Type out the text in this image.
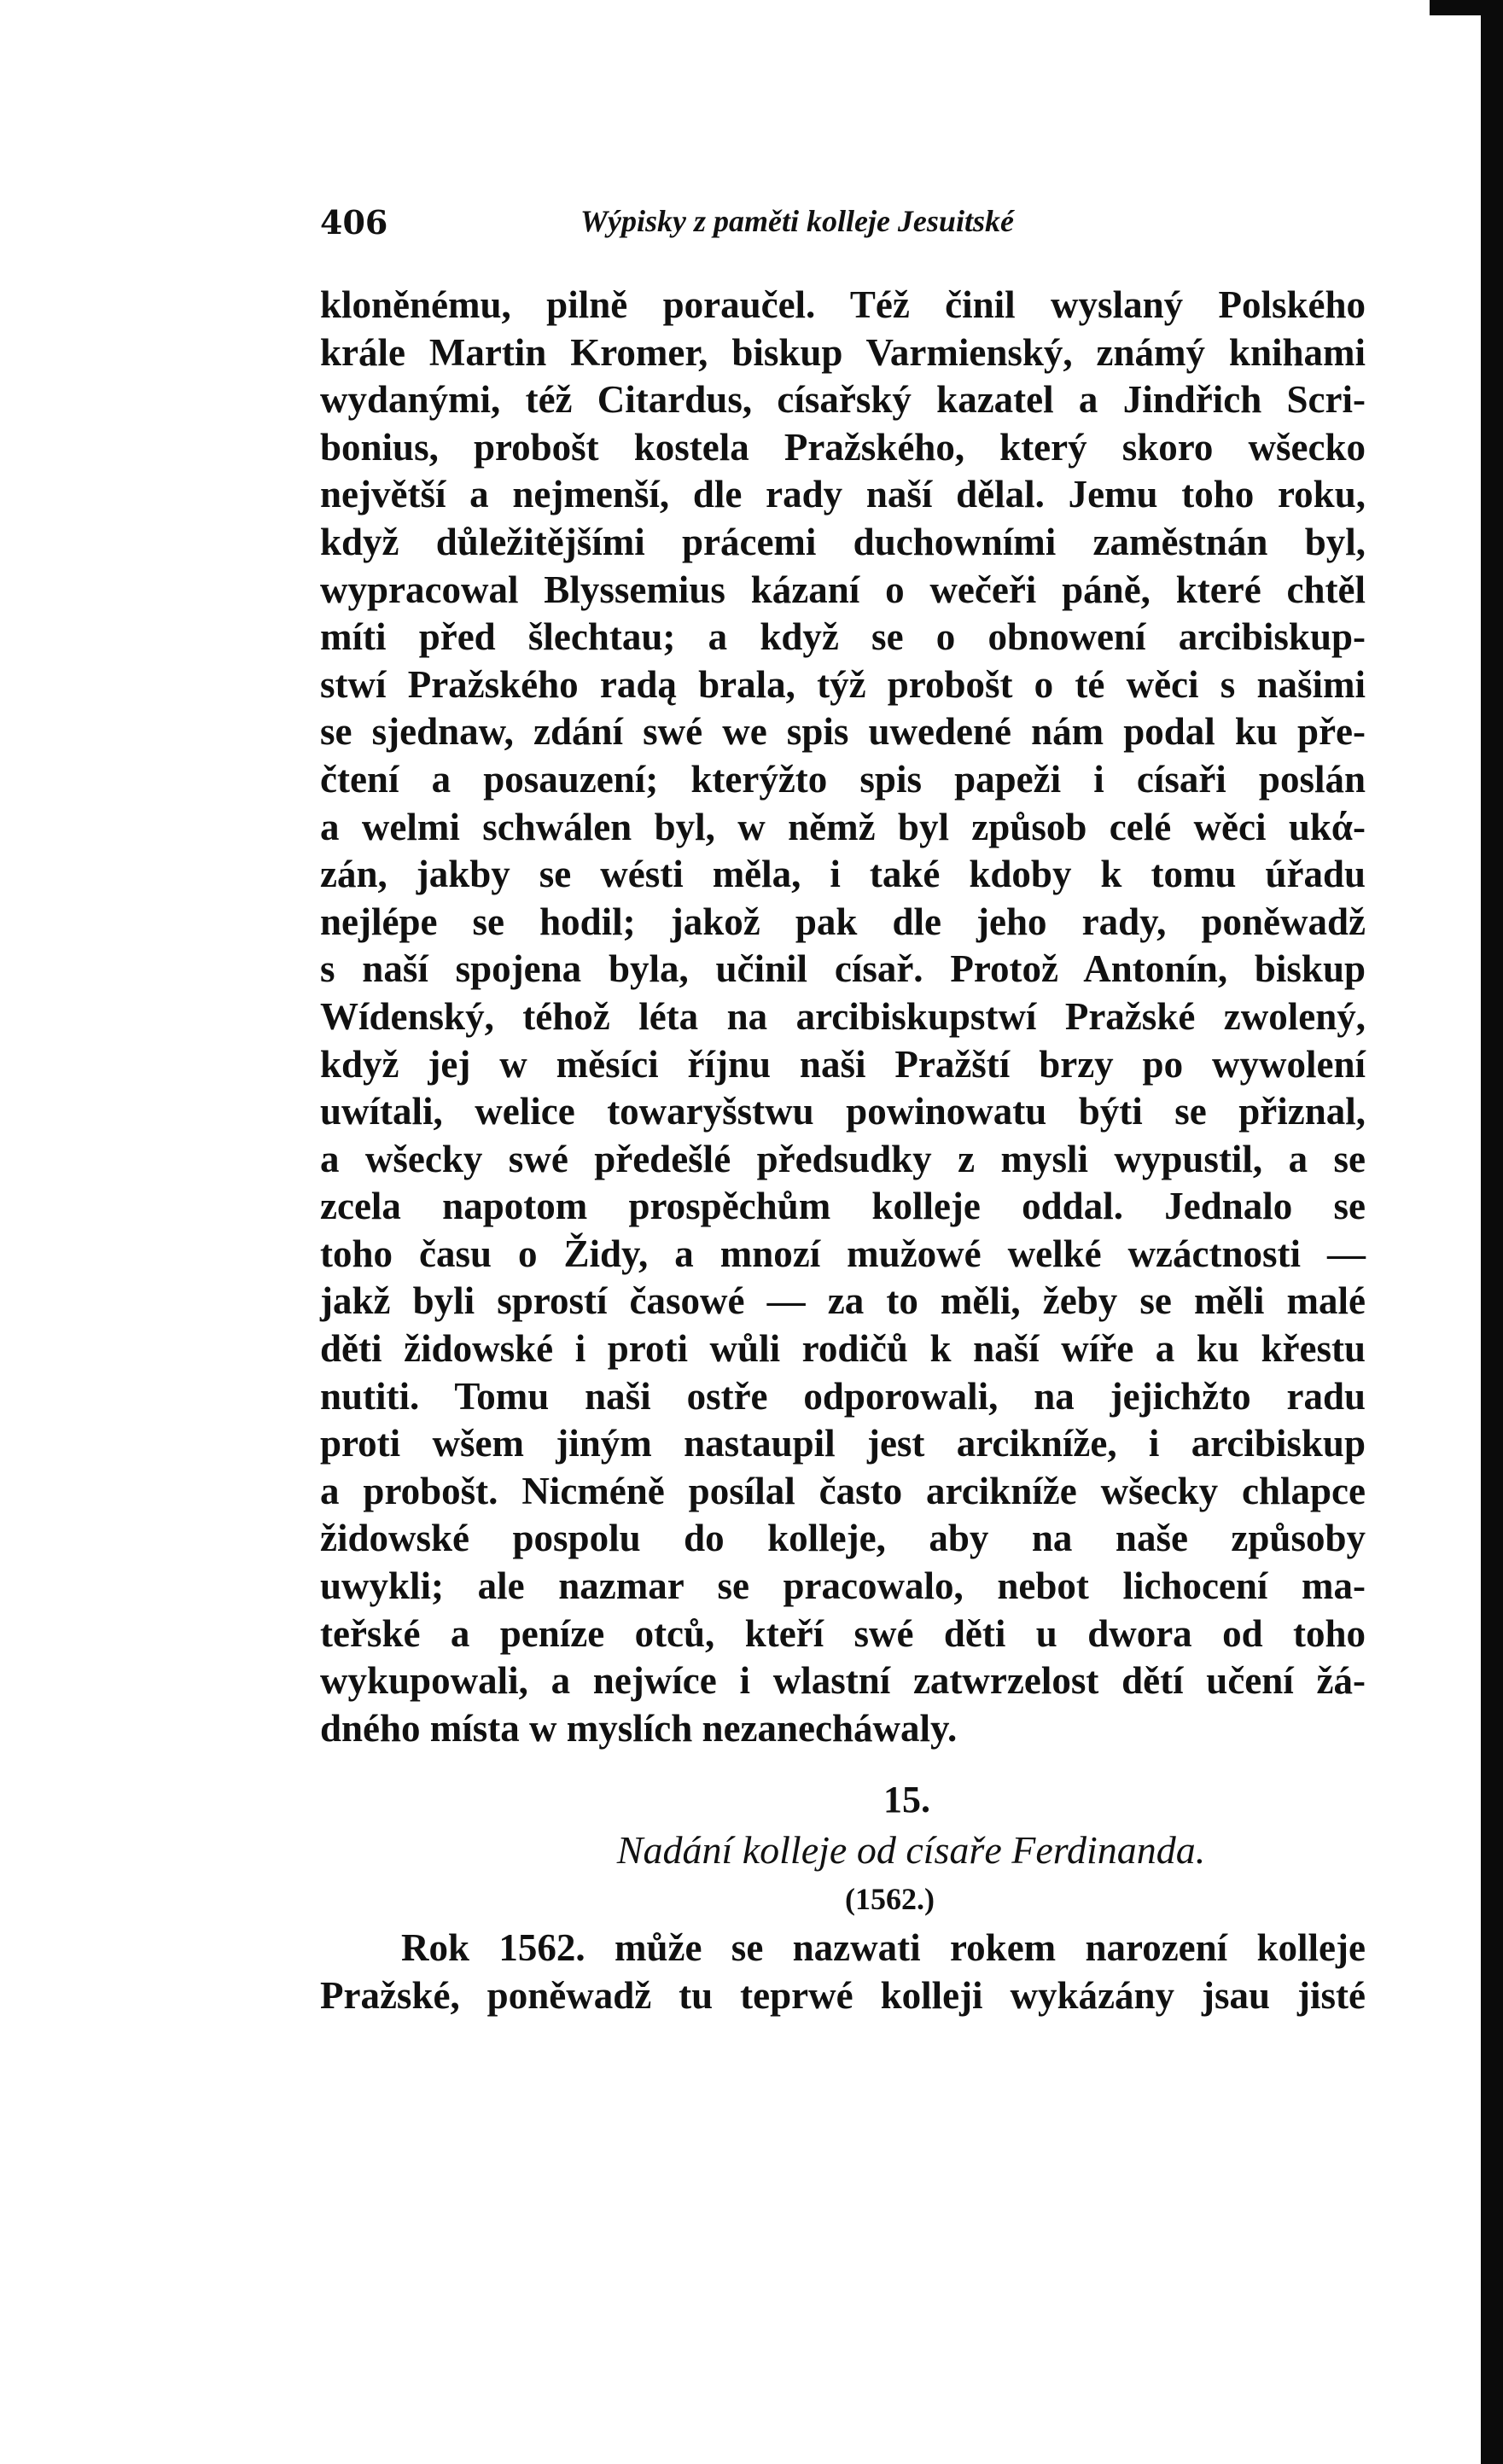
406	Wýpisky z paměti kolleje Jesuitské
kloněnému, pilně poraučel. Též činil wyslaný Polského
krále Martin Kromer, biskup Varmienský, známý knihami
wydanými, též Citardus, císařský kazatel a Jindřich Scri-
bonius, probošt kostela Pražského, který skoro wšecko
největší a nejmenší, dle rady naší dělal. Jemu toho roku,
když důležitějšími prácemi duchowními zaměstnán byl,
wypracowal Blyssemius kázaní o wečeři páně, které chtěl
míti před šlechtau; a když se o obnowení arcibiskup-
stwí Pražského radą brala, týž probošt o té wěci s našimi
se sjednaw, zdání swé we spis uwedené nám podal ku pře-
čtení a posauzení; kterýžto spis papeži i císaři poslán
a welmi schwálen byl, w němž byl způsob celé wěci ukά-
zán, jakby se wésti měla, i také kdoby k tomu úřadu
nejlépe se hodil; jakož pak dle jeho rady, poněwadž
s naší spojena byla, učinil císař. Protož Antonín, biskup
Wídenský, téhož léta na arcibiskupstwí Pražské zwolený,
když jej w měsíci říjnu naši Pražští brzy po wywolení
uwítali, welice towaryšstwu powinowatu býti se přiznal,
a wšecky swé předešlé předsudky z mysli wypustil, a se
zcela napotom prospěchům kolleje oddal. Jednalo se
toho času o Židy, a mnozí mužowé welké wzáctnosti —
jakž byli sprostí časowé — za to měli, žeby se měli malé
děti židowské i proti wůli rodičů k naší wíře a ku křestu
nutiti. Tomu naši ostře odporowali, na jejichžto radu
proti wšem jiným nastaupil jest arcikníže, i arcibiskup
a probošt. Nicméně posílal často arcikníže wšecky chlapce
židowské pospolu do kolleje, aby na naše způsoby
uwykli; ale nazmar se pracowalo, nebot lichocení ma-
teřské a peníze otců, kteří swé děti u dwora od toho
wykupowali, a nejwíce i wlastní zatwrzelost dětí učení žá-
dného místa w myslích nezanecháwaly.
15.
Nadání kolleje od císaře Ferdinanda.
(1562.)
Rok 1562. může se nazwati rokem narození kolleje
Pražské, poněwadž tu teprwé kolleji wykázány jsau jisté
